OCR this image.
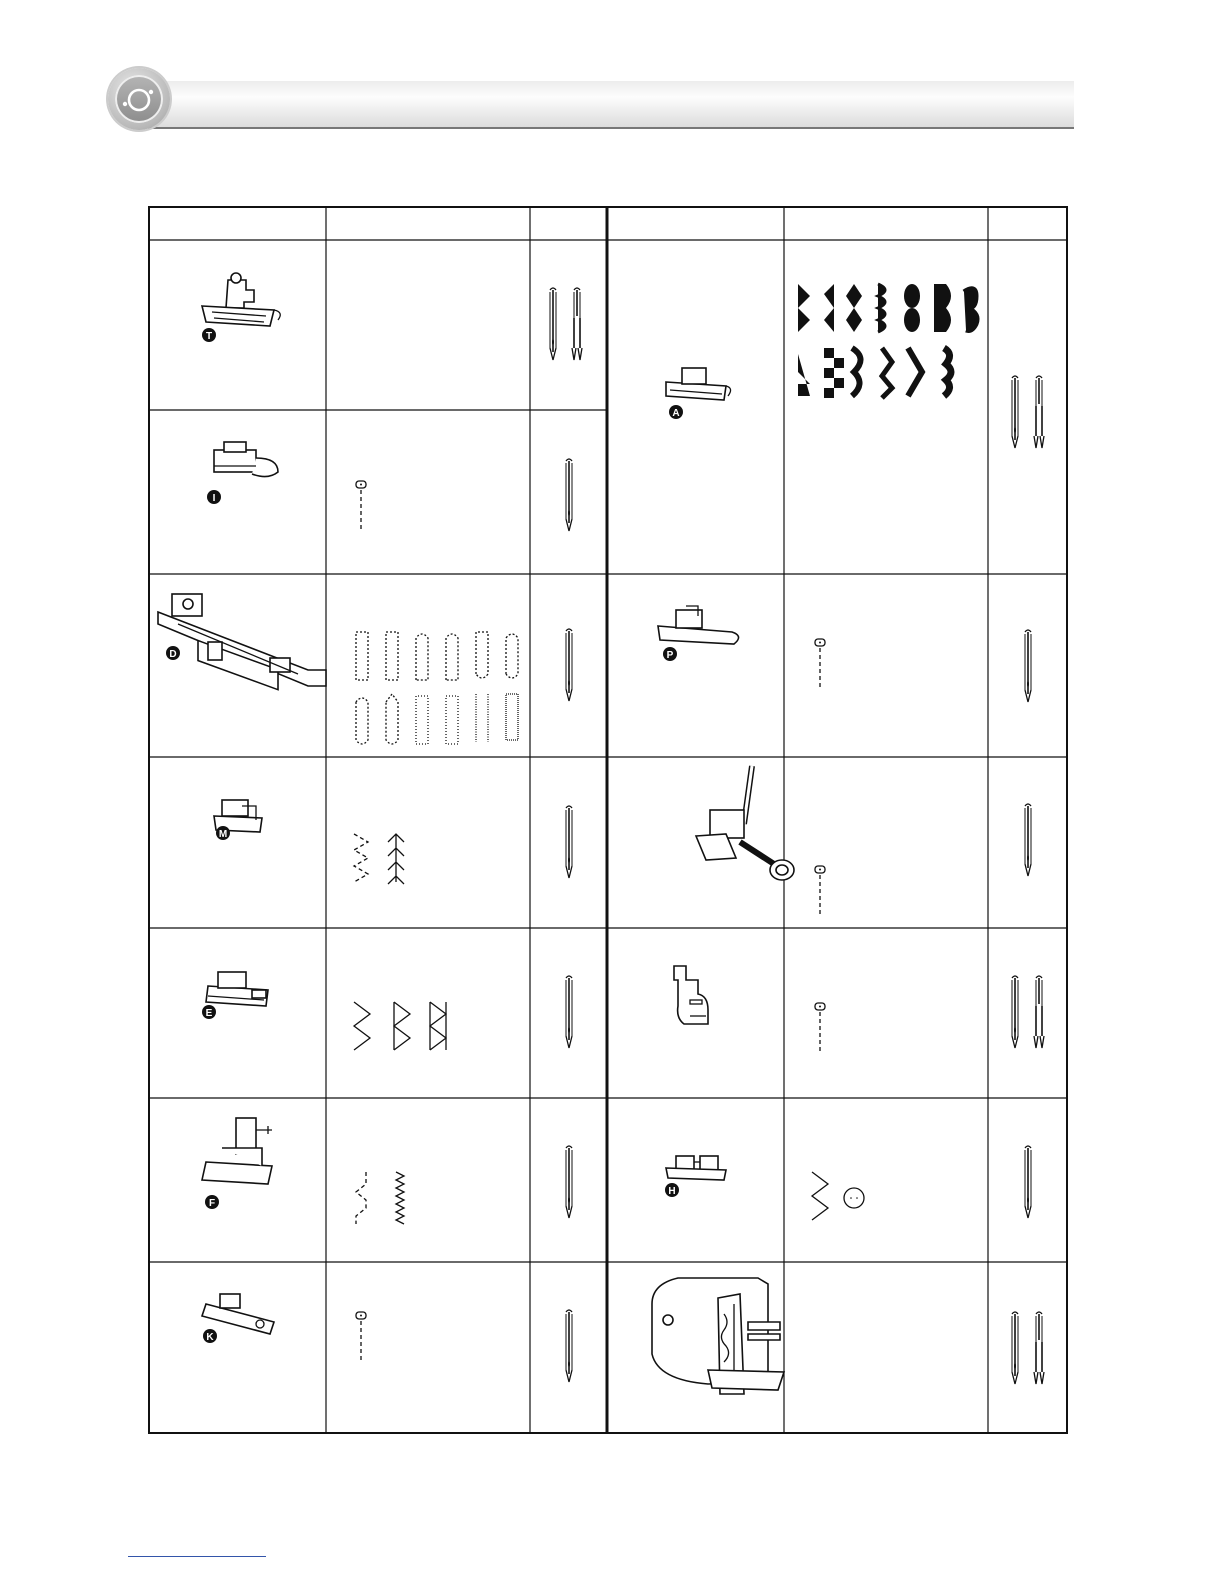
T
I
D
M
E
F
K
A
P
H
